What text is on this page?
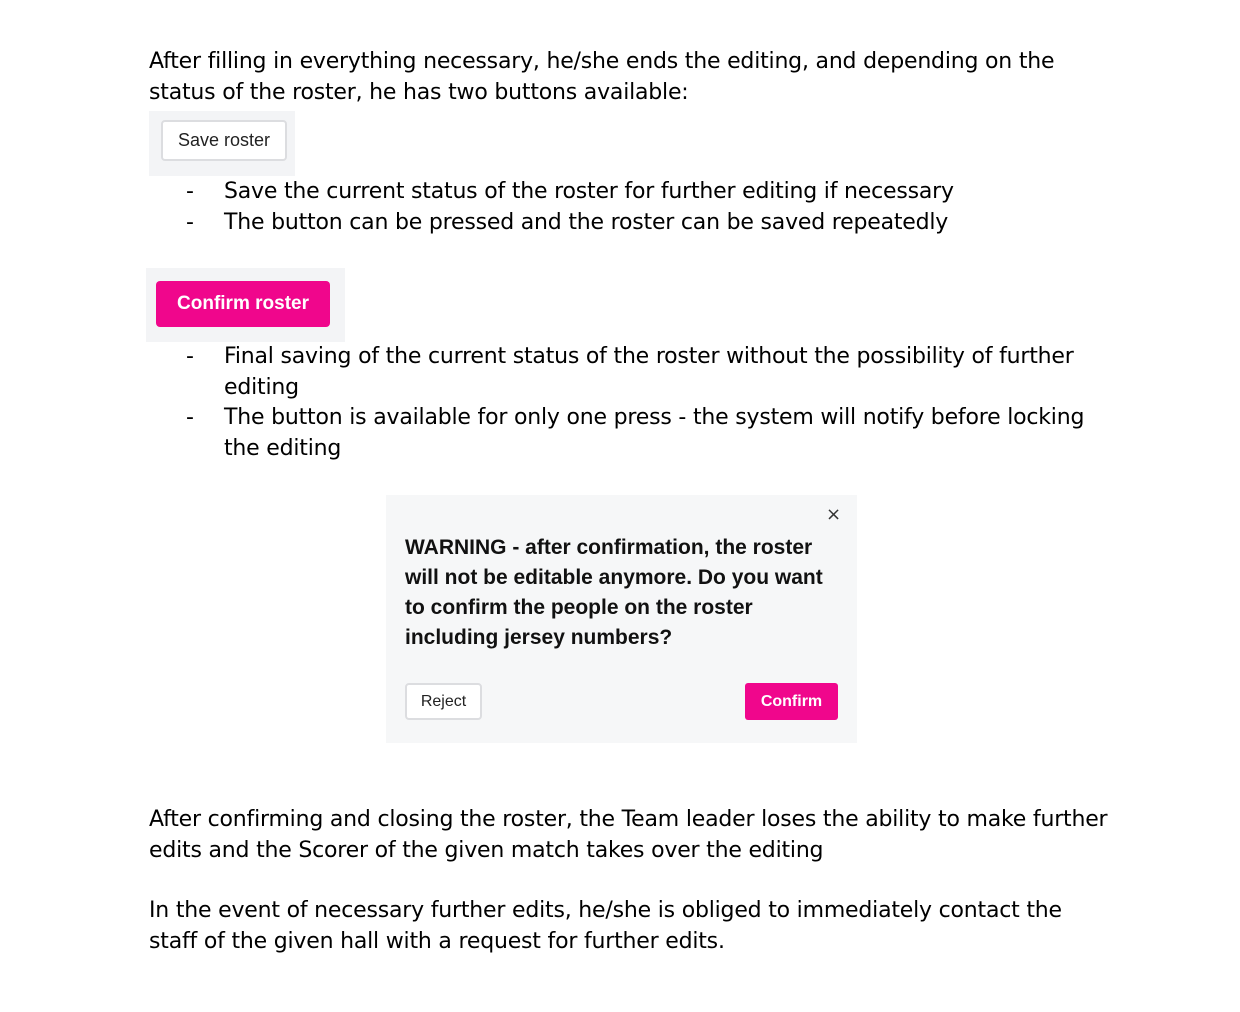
After filling in everything necessary, he/she ends the editing, and depending on the status of the roster, he has two buttons available:
Save roster
-	Save the current status of the roster for further editing if necessary
-	The button can be pressed and the roster can be saved repeatedly
Confirm roster
-	Final saving of the current status of the roster without the possibility of further editing
-	The button is available for only one press - the system will notify before locking the editing
×
WARNING - after confirmation, the roster will not be editable anymore. Do you want to confirm the people on the roster including jersey numbers?
Reject	Confirm
After confirming and closing the roster, the Team leader loses the ability to make further edits and the Scorer of the given match takes over the editing
In the event of necessary further edits, he/she is obliged to immediately contact the staff of the given hall with a request for further edits.
